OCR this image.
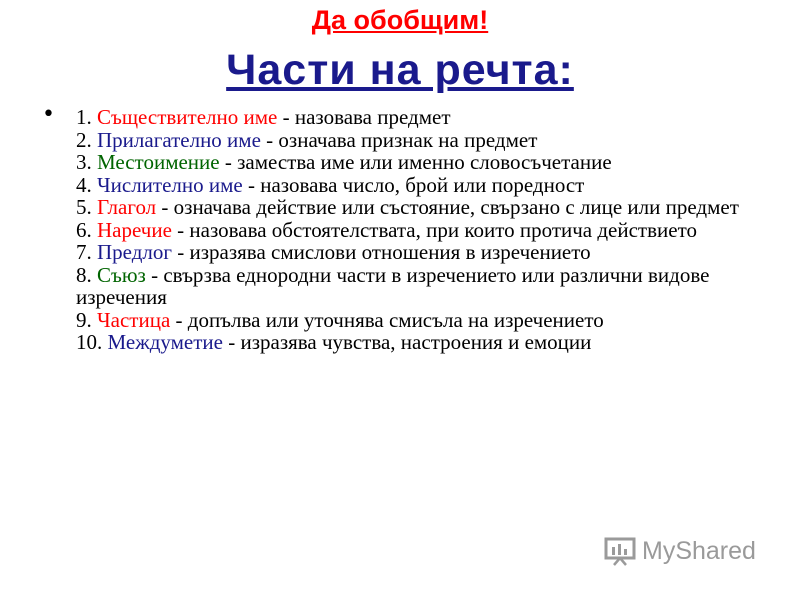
Да обобщим!
Части на речта:
• 1. Съществително име - назовава предмет
2. Прилагателно име - означава признак на предмет
3. Местоимение - замества име или именно словосъчетание
4. Числително име - назовава число, брой или поредност
5. Глагол - означава действие или състояние, свързано с лице или предмет
6. Наречие - назовава обстоятелствата, при които протича действието
7. Предлог - изразява смислови отношения в изречението
8. Съюз - свързва еднородни части в изречението или различни видове изречения
9. Частица - допълва или уточнява смисъла на изречението
10. Междуметие - изразява чувства, настроения и емоции
MyShared
